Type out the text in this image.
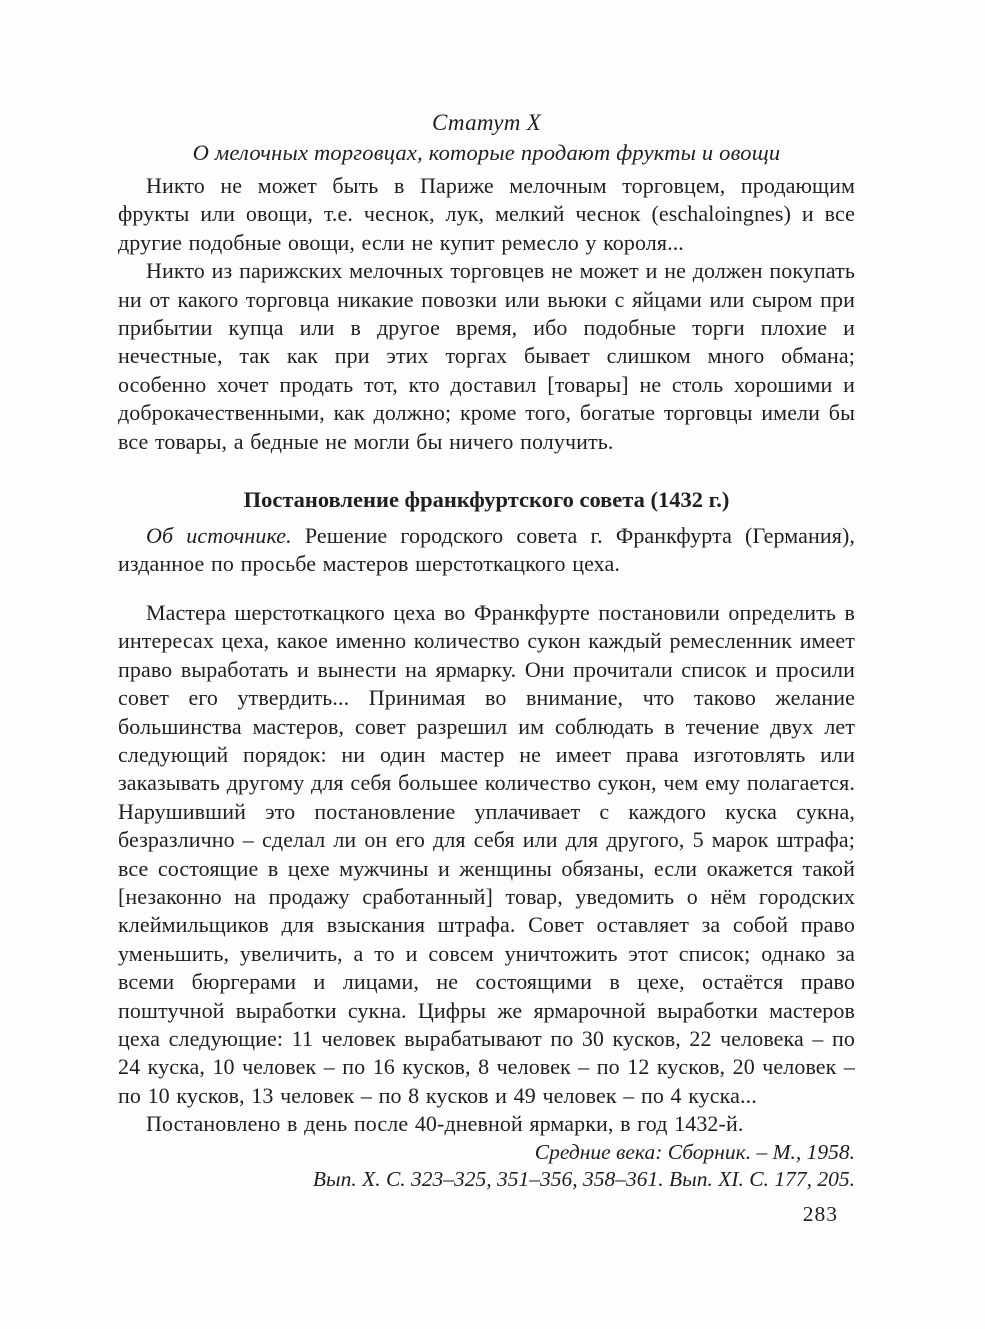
Статут X
О мелочных торговцах, которые продают фрукты и овощи

Никто не может быть в Париже мелочным торговцем, продающим фрукты или овощи, т.е. чеснок, лук, мелкий чеснок (eschaloingnes) и все другие подобные овощи, если не купит ремесло у короля...

Никто из парижских мелочных торговцев не может и не должен покупать ни от какого торговца никакие повозки или вьюки с яйцами или сыром при прибытии купца или в другое время, ибо подобные торги плохие и нечестные, так как при этих торгах бывает слишком много обмана; особенно хочет продать тот, кто доставил [товары] не столь хорошими и доброкачественными, как должно; кроме того, богатые торговцы имели бы все товары, а бедные не могли бы ничего получить.

Постановление франкфуртского совета (1432 г.)

Об источнике. Решение городского совета г. Франкфурта (Германия), изданное по просьбе мастеров шерстоткацкого цеха.

Мастера шерстоткацкого цеха во Франкфурте постановили определить в интересах цеха, какое именно количество сукон каждый ремесленник имеет право выработать и вынести на ярмарку. Они прочитали список и просили совет его утвердить... Принимая во внимание, что таково желание большинства мастеров, совет разрешил им соблюдать в течение двух лет следующий порядок: ни один мастер не имеет права изготовлять или заказывать другому для себя большее количество сукон, чем ему полагается. Нарушивший это постановление уплачивает с каждого куска сукна, безразлично – сделал ли он его для себя или для другого, 5 марок штрафа; все состоящие в цехе мужчины и женщины обязаны, если окажется такой [незаконно на продажу сработанный] товар, уведомить о нём городских клеймильщиков для взыскания штрафа. Совет оставляет за собой право уменьшить, увеличить, а то и совсем уничтожить этот список; однако за всеми бюргерами и лицами, не состоящими в цехе, остаётся право поштучной выработки сукна. Цифры же ярмарочной выработки мастеров цеха следующие: 11 человек вырабатывают по 30 кусков, 22 человека – по 24 куска, 10 человек – по 16 кусков, 8 человек – по 12 кусков, 20 человек – по 10 кусков, 13 человек – по 8 кусков и 49 человек – по 4 куска...

Постановлено в день после 40-дневной ярмарки, в год 1432-й.

Средние века: Сборник. – М., 1958.

Вып. X. С. 323–325, 351–356, 358–361. Вып. XI. С. 177, 205.

283
